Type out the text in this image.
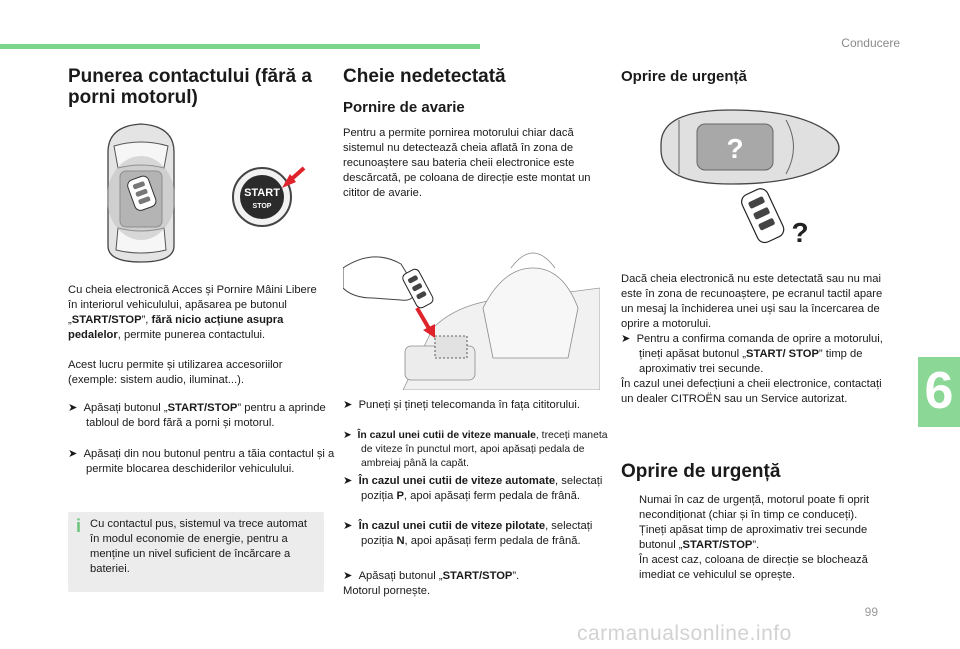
Conducere
6
Punerea contactului (fără a porni motorul)
START
STOP
Cu cheia electronică Acces și Pornire Mâini Libere în interiorul vehiculului, apăsarea pe butonul „START/STOP”, fără nicio acțiune asupra pedalelor, permite punerea contactului.
Acest lucru permite și utilizarea accesoriilor (exemple: sistem audio, iluminat...).
➤  Apăsați butonul „START/STOP” pentru a aprinde tabloul de bord fără a porni și motorul.
➤  Apăsați din nou butonul pentru a tăia contactul și a permite blocarea deschiderilor vehiculului.
i Cu contactul pus, sistemul va trece automat în modul economie de energie, pentru a menține un nivel suficient de încărcare a bateriei.
Cheie nedetectată
Pornire de avarie
Pentru a permite pornirea motorului chiar dacă sistemul nu detectează cheia aflată în zona de recunoaștere sau bateria cheii electronice este descărcată, pe coloana de direcție este montat un cititor de avarie.
➤  Puneți și țineți telecomanda în fața cititorului.
➤  În cazul unei cutii de viteze manuale, treceți maneta de viteze în punctul mort, apoi apăsați pedala de ambreiaj până la capăt.
➤  În cazul unei cutii de viteze automate, selectați poziția P, apoi apăsați ferm pedala de frână.
➤  În cazul unei cutii de viteze pilotate, selectați poziția N, apoi apăsați ferm pedala de frână.
➤  Apăsați butonul „START/STOP”.
Motorul pornește.
Oprire de urgență
?
?
Dacă cheia electronică nu este detectată sau nu mai este în zona de recunoaștere, pe ecranul tactil apare un mesaj la închiderea unei uși sau la încercarea de oprire a motorului.
➤  Pentru a confirma comanda de oprire a motorului, țineți apăsat butonul „START/ STOP” timp de aproximativ trei secunde.
În cazul unei defecțiuni a cheii electronice, contactați un dealer CITROËN sau un Service autorizat.
Oprire de urgență
Numai în caz de urgență, motorul poate fi oprit necondiționat (chiar și în timp ce conduceți).
Țineți apăsat timp de aproximativ trei secunde butonul „START/STOP”.
În acest caz, coloana de direcție se blochează imediat ce vehiculul se oprește.
99
carmanualsonline.info
